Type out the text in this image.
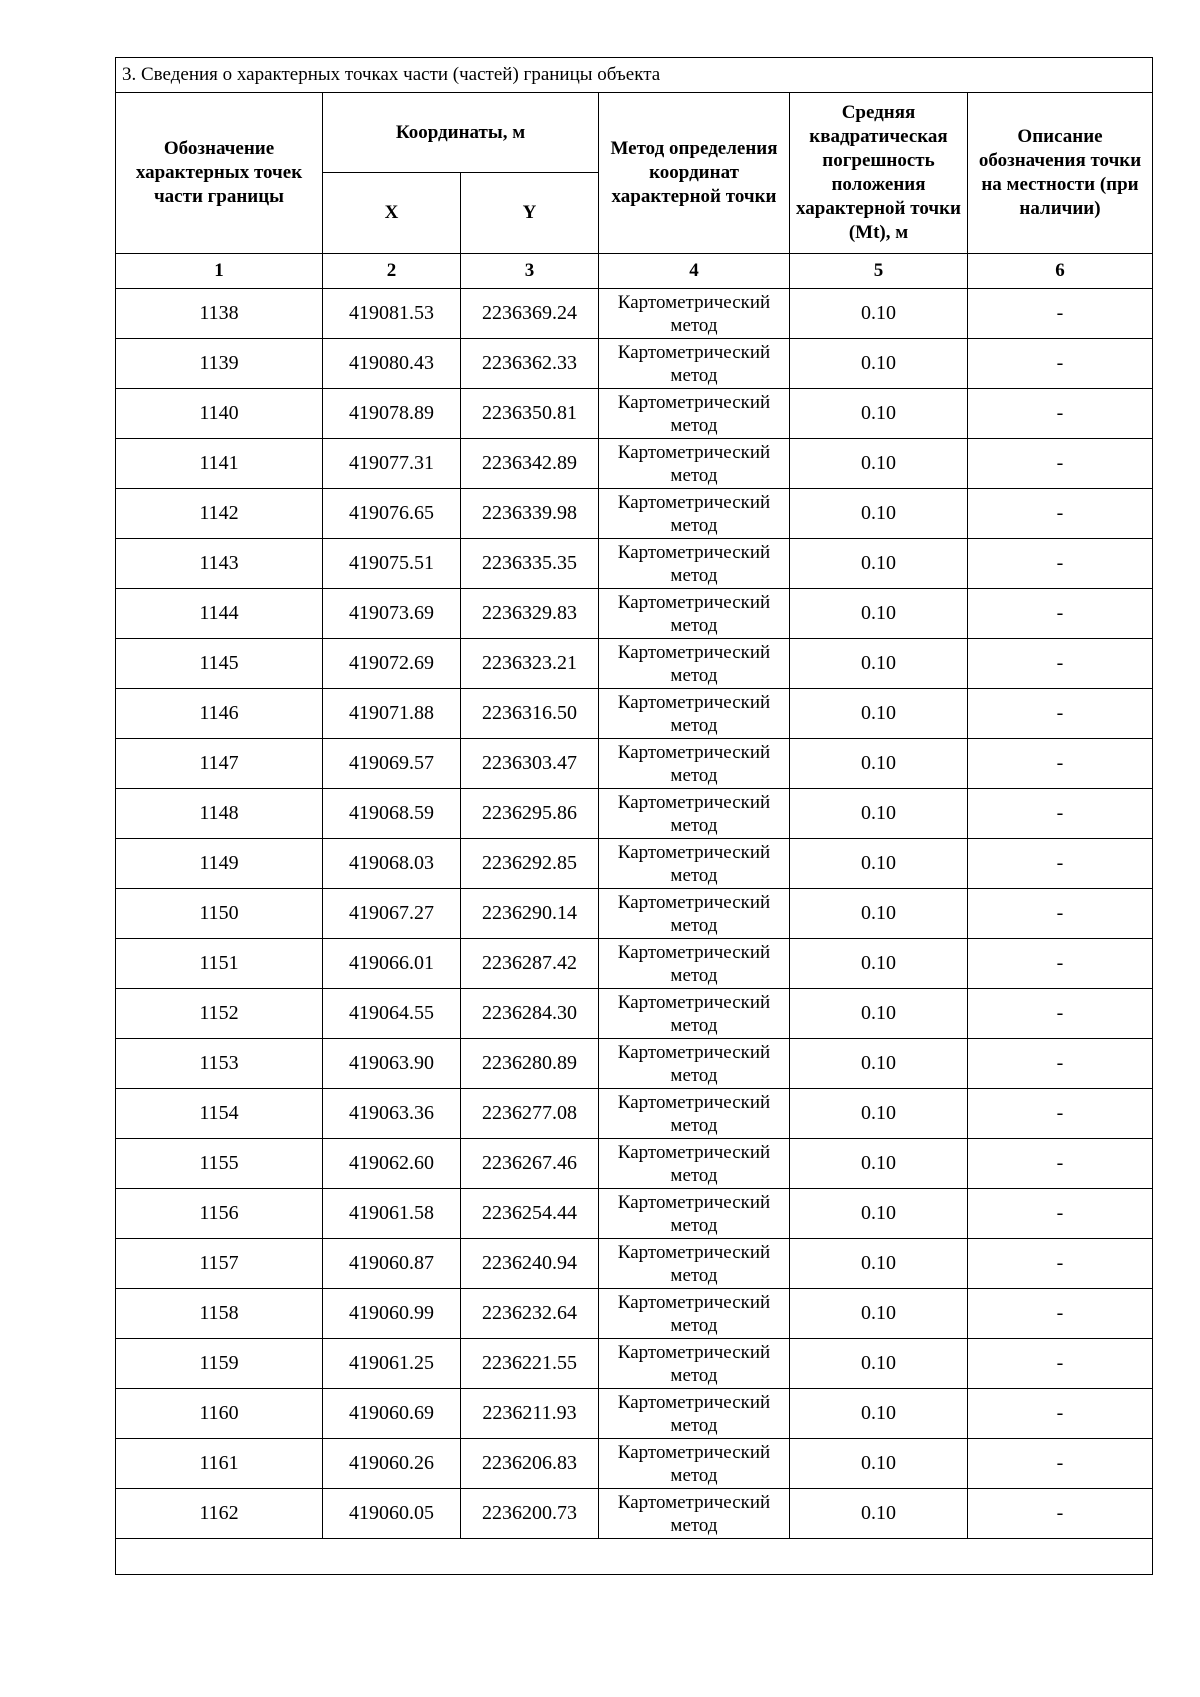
3. Сведения о характерных точках части (частей) границы объекта					
Обозначение характерных точек части границы	Координаты, м		Метод определения координат характерной точки	Средняя квадратическая погрешность положения характерной точки (Mt), м	Описание обозначения точки на местности (при наличии)
	X	Y			
1	2	3	4	5	6
1138	419081.53	2236369.24	Картометрический метод	0.10	-
1139	419080.43	2236362.33	Картометрический метод	0.10	-
1140	419078.89	2236350.81	Картометрический метод	0.10	-
1141	419077.31	2236342.89	Картометрический метод	0.10	-
1142	419076.65	2236339.98	Картометрический метод	0.10	-
1143	419075.51	2236335.35	Картометрический метод	0.10	-
1144	419073.69	2236329.83	Картометрический метод	0.10	-
1145	419072.69	2236323.21	Картометрический метод	0.10	-
1146	419071.88	2236316.50	Картометрический метод	0.10	-
1147	419069.57	2236303.47	Картометрический метод	0.10	-
1148	419068.59	2236295.86	Картометрический метод	0.10	-
1149	419068.03	2236292.85	Картометрический метод	0.10	-
1150	419067.27	2236290.14	Картометрический метод	0.10	-
1151	419066.01	2236287.42	Картометрический метод	0.10	-
1152	419064.55	2236284.30	Картометрический метод	0.10	-
1153	419063.90	2236280.89	Картометрический метод	0.10	-
1154	419063.36	2236277.08	Картометрический метод	0.10	-
1155	419062.60	2236267.46	Картометрический метод	0.10	-
1156	419061.58	2236254.44	Картометрический метод	0.10	-
1157	419060.87	2236240.94	Картометрический метод	0.10	-
1158	419060.99	2236232.64	Картометрический метод	0.10	-
1159	419061.25	2236221.55	Картометрический метод	0.10	-
1160	419060.69	2236211.93	Картометрический метод	0.10	-
1161	419060.26	2236206.83	Картометрический метод	0.10	-
1162	419060.05	2236200.73	Картометрический метод	0.10	-
